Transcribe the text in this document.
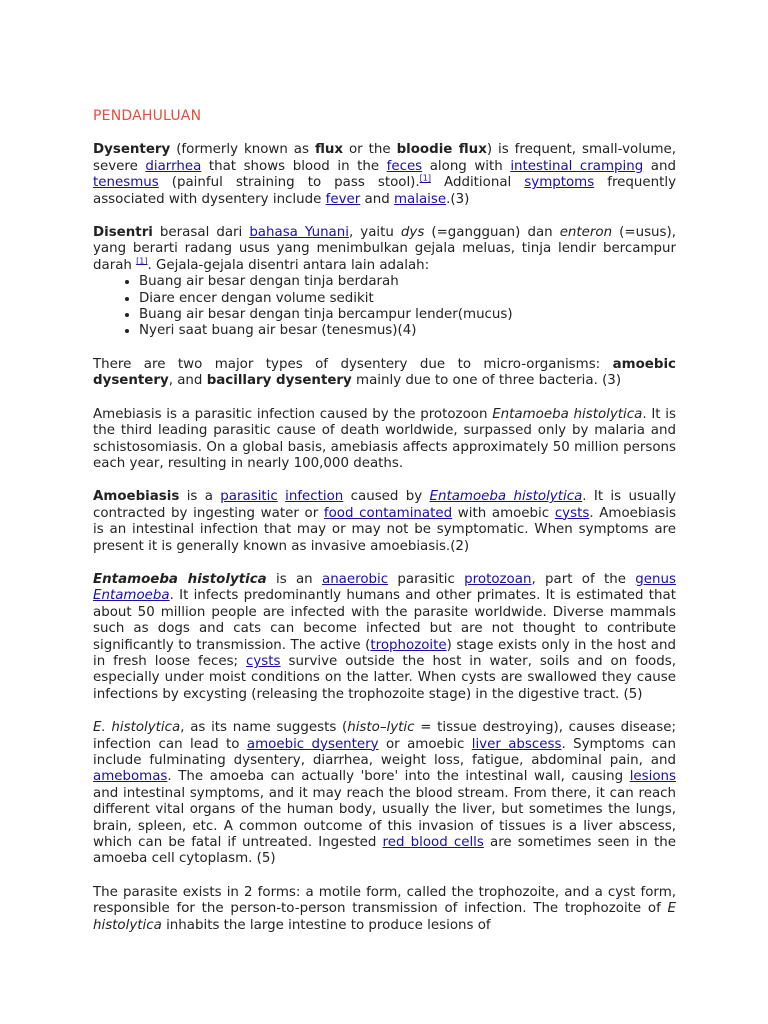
PENDAHULUAN

Dysentery (formerly known as flux or the bloodie flux) is frequent, small-volume, severe diarrhea that shows blood in the feces along with intestinal cramping and tenesmus (painful straining to pass stool).[1] Additional symptoms frequently associated with dysentery include fever and malaise.(3)

Disentri berasal dari bahasa Yunani, yaitu dys (=gangguan) dan enteron (=usus), yang berarti radang usus yang menimbulkan gejala meluas, tinja lendir bercampur darah [1]. Gejala-gejala disentri antara lain adalah:

• Buang air besar dengan tinja berdarah
• Diare encer dengan volume sedikit
• Buang air besar dengan tinja bercampur lender(mucus)
• Nyeri saat buang air besar (tenesmus)(4)

There are two major types of dysentery due to micro-organisms: amoebic dysentery, and bacillary dysentery mainly due to one of three bacteria. (3)

Amebiasis is a parasitic infection caused by the protozoon Entamoeba histolytica. It is the third leading parasitic cause of death worldwide, surpassed only by malaria and schistosomiasis. On a global basis, amebiasis affects approximately 50 million persons each year, resulting in nearly 100,000 deaths.

Amoebiasis is a parasitic infection caused by Entamoeba histolytica. It is usually contracted by ingesting water or food contaminated with amoebic cysts. Amoebiasis is an intestinal infection that may or may not be symptomatic. When symptoms are present it is generally known as invasive amoebiasis.(2)

Entamoeba histolytica is an anaerobic parasitic protozoan, part of the genus Entamoeba. It infects predominantly humans and other primates. It is estimated that about 50 million people are infected with the parasite worldwide. Diverse mammals such as dogs and cats can become infected but are not thought to contribute significantly to transmission. The active (trophozoite) stage exists only in the host and in fresh loose feces; cysts survive outside the host in water, soils and on foods, especially under moist conditions on the latter. When cysts are swallowed they cause infections by excysting (releasing the trophozoite stage) in the digestive tract. (5)

E. histolytica, as its name suggests (histo–lytic = tissue destroying), causes disease; infection can lead to amoebic dysentery or amoebic liver abscess. Symptoms can include fulminating dysentery, diarrhea, weight loss, fatigue, abdominal pain, and amebomas. The amoeba can actually 'bore' into the intestinal wall, causing lesions and intestinal symptoms, and it may reach the blood stream. From there, it can reach different vital organs of the human body, usually the liver, but sometimes the lungs, brain, spleen, etc. A common outcome of this invasion of tissues is a liver abscess, which can be fatal if untreated. Ingested red blood cells are sometimes seen in the amoeba cell cytoplasm. (5)

The parasite exists in 2 forms: a motile form, called the trophozoite, and a cyst form, responsible for the person-to-person transmission of infection. The trophozoite of E histolytica inhabits the large intestine to produce lesions of
